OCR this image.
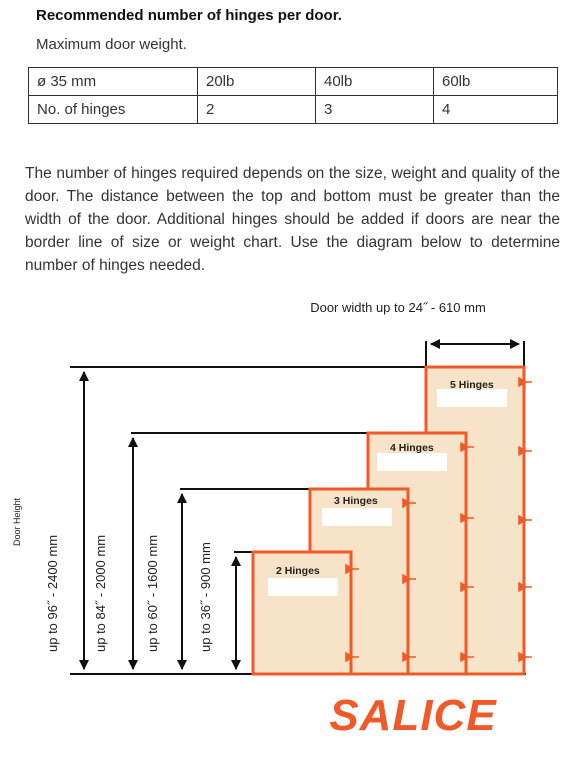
Recommended number of hinges per door.
Maximum door weight.
ø 35 mm	20lb	40lb	60lb
No. of hinges	2	3	4

The number of hinges required depends on the size, weight and quality of the door. The distance between the top and bottom must be greater than the width of the door. Additional hinges should be added if doors are near the border line of size or weight chart. Use the diagram below to determine number of hinges needed.

Door width up to 24˝ - 610 mm
5 Hinges
4 Hinges
3 Hinges
2 Hinges
up to 96˝ - 2400 mm	up to 84˝ - 2000 mm	up to 60˝ - 1600 mm	up to 36˝ - 900 mm
Door Height
SALICE
